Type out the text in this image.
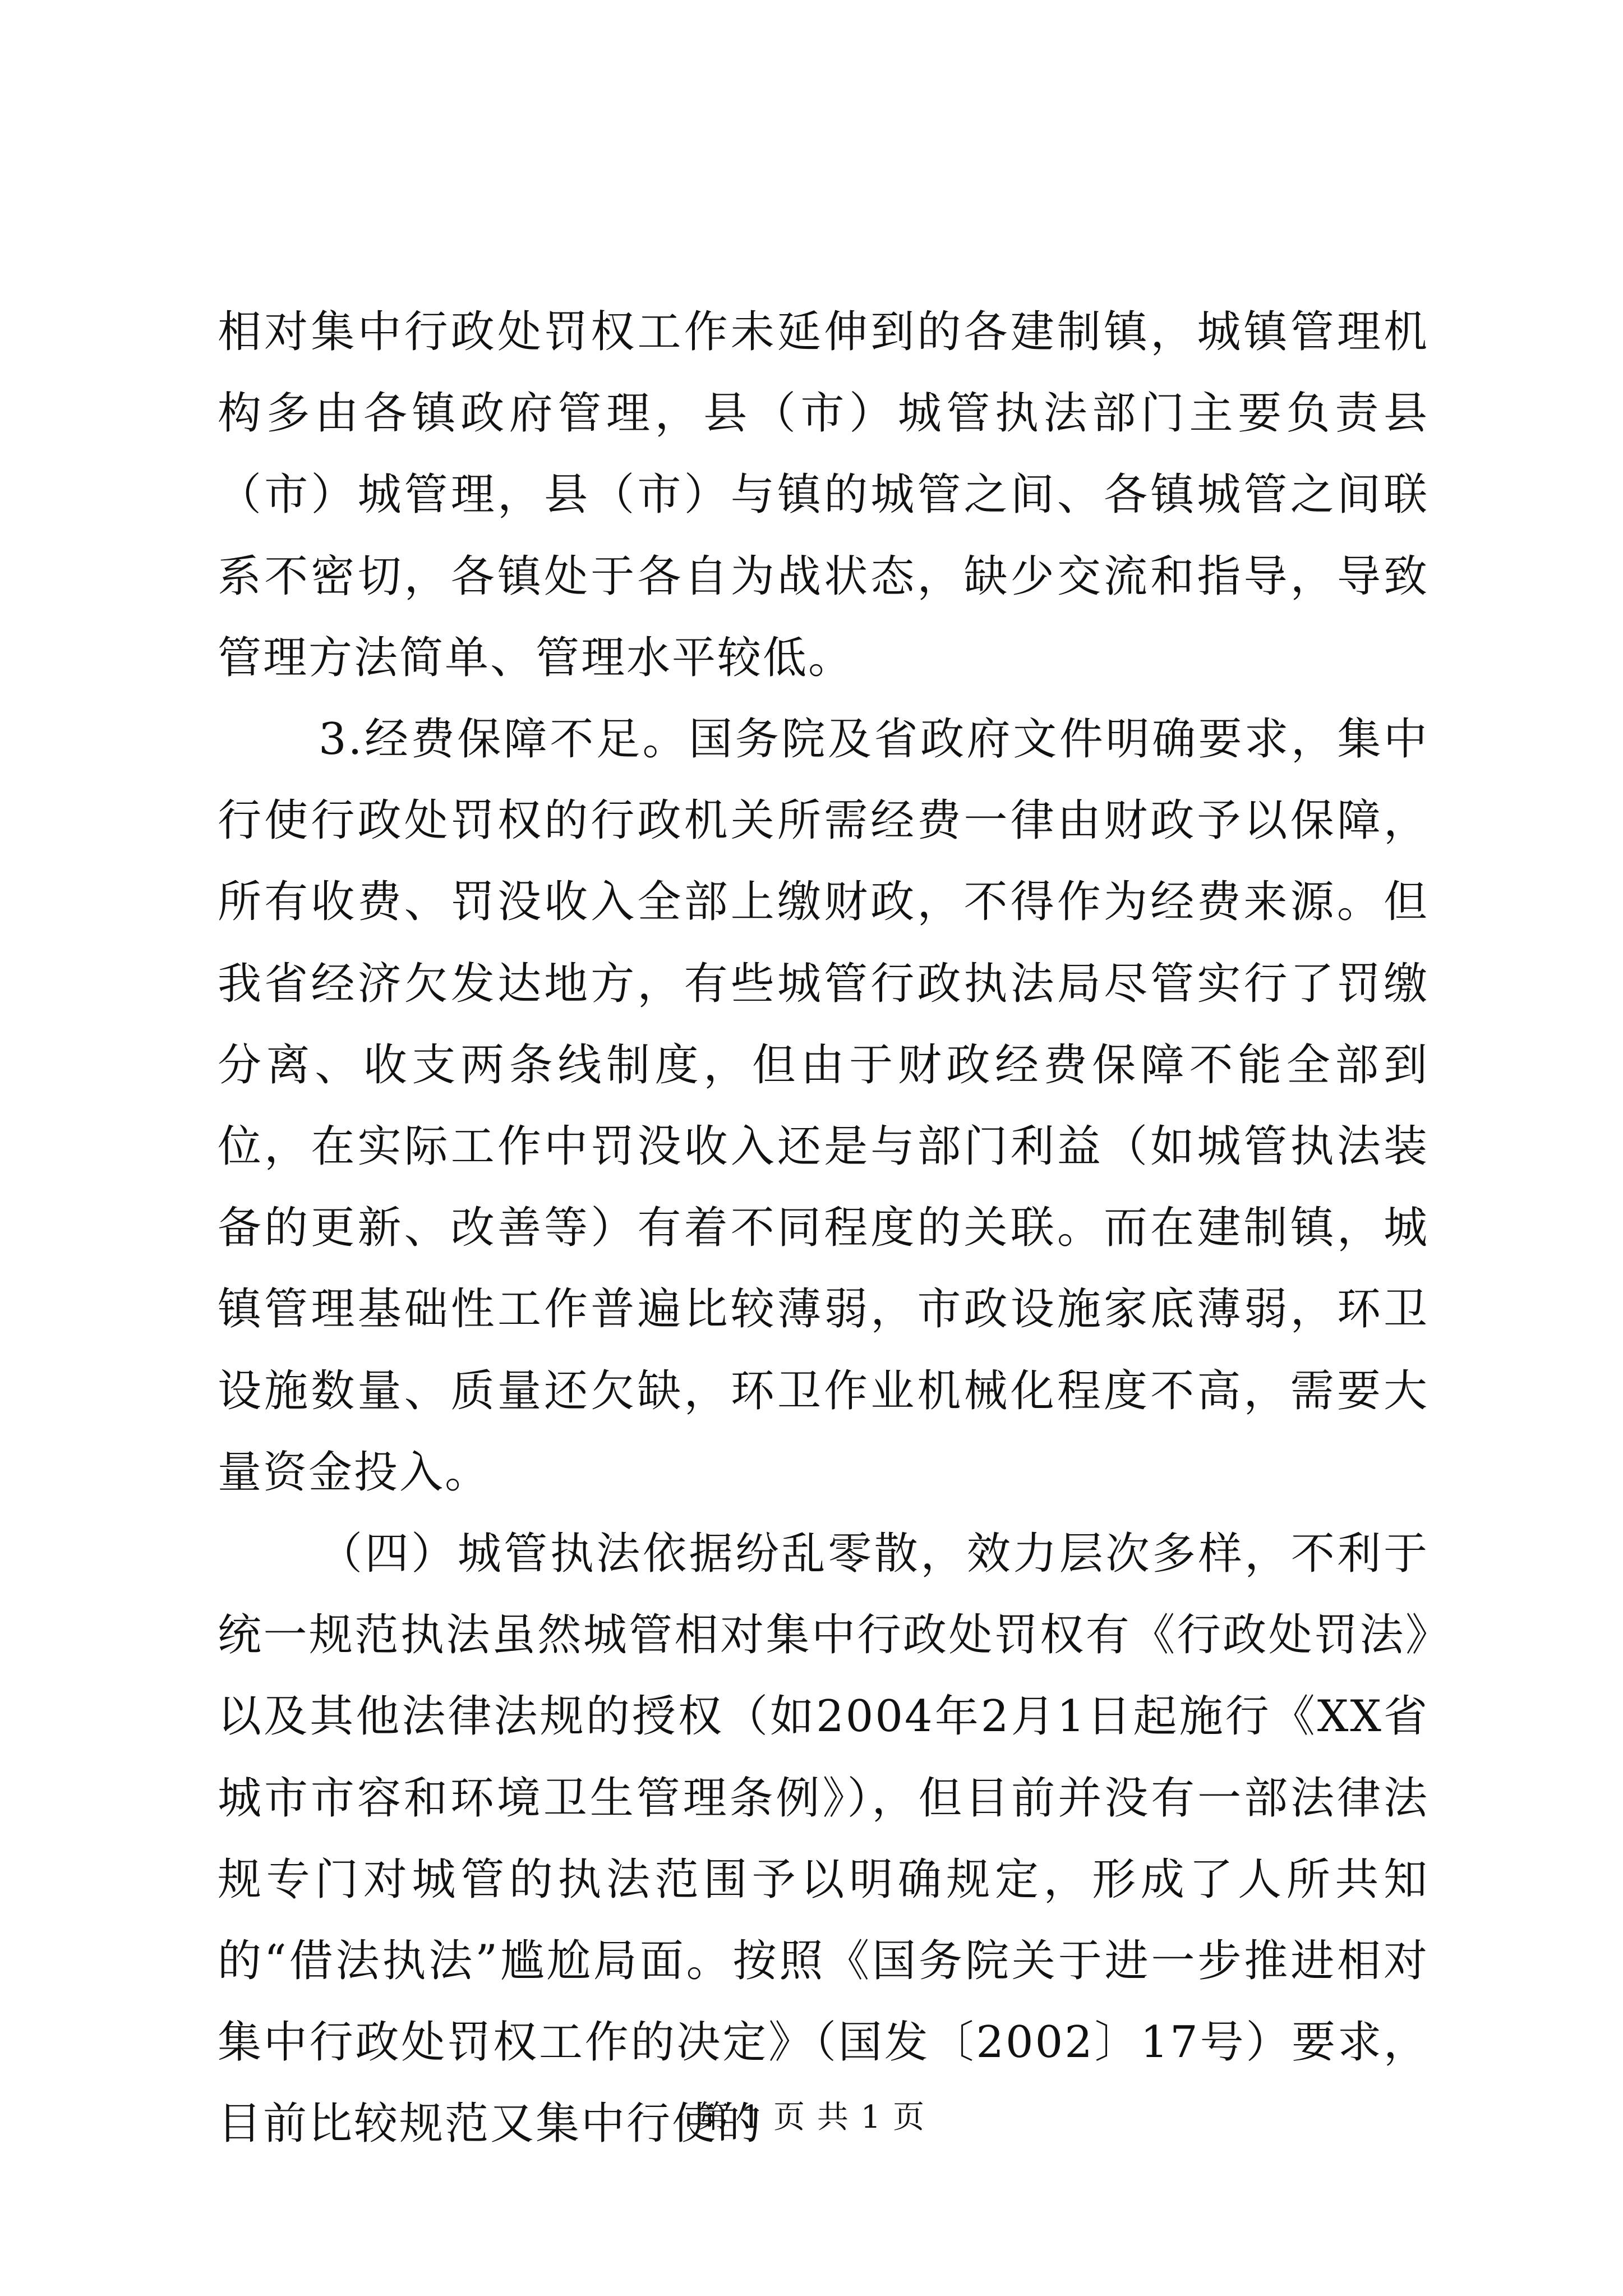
相对集中行政处罚权工作未延伸到的各建制镇，城镇管理机构多由各镇政府管理，县（市）城管执法部门主要负责县（市）城管理，县（市）与镇的城管之间、各镇城管之间联系不密切，各镇处于各自为战状态，缺少交流和指导，导致管理方法简单、管理水平较低。

3.经费保障不足。国务院及省政府文件明确要求，集中行使行政处罚权的行政机关所需经费一律由财政予以保障，所有收费、罚没收入全部上缴财政，不得作为经费来源。但我省经济欠发达地方，有些城管行政执法局尽管实行了罚缴分离、收支两条线制度，但由于财政经费保障不能全部到位，在实际工作中罚没收入还是与部门利益（如城管执法装备的更新、改善等）有着不同程度的关联。而在建制镇，城镇管理基础性工作普遍比较薄弱，市政设施家底薄弱，环卫设施数量、质量还欠缺，环卫作业机械化程度不高，需要大量资金投入。

（四）城管执法依据纷乱零散，效力层次多样，不利于统一规范执法虽然城管相对集中行政处罚权有《行政处罚法》以及其他法律法规的授权（如2004年2月1日起施行《XX省城市市容和环境卫生管理条例》），但目前并没有一部法律法规专门对城管的执法范围予以明确规定，形成了人所共知的“借法执法”尴尬局面。按照《国务院关于进一步推进相对集中行政处罚权工作的决定》（国发〔2002〕17号）要求，目前比较规范又集中行使的

第 1 页 共 1 页
